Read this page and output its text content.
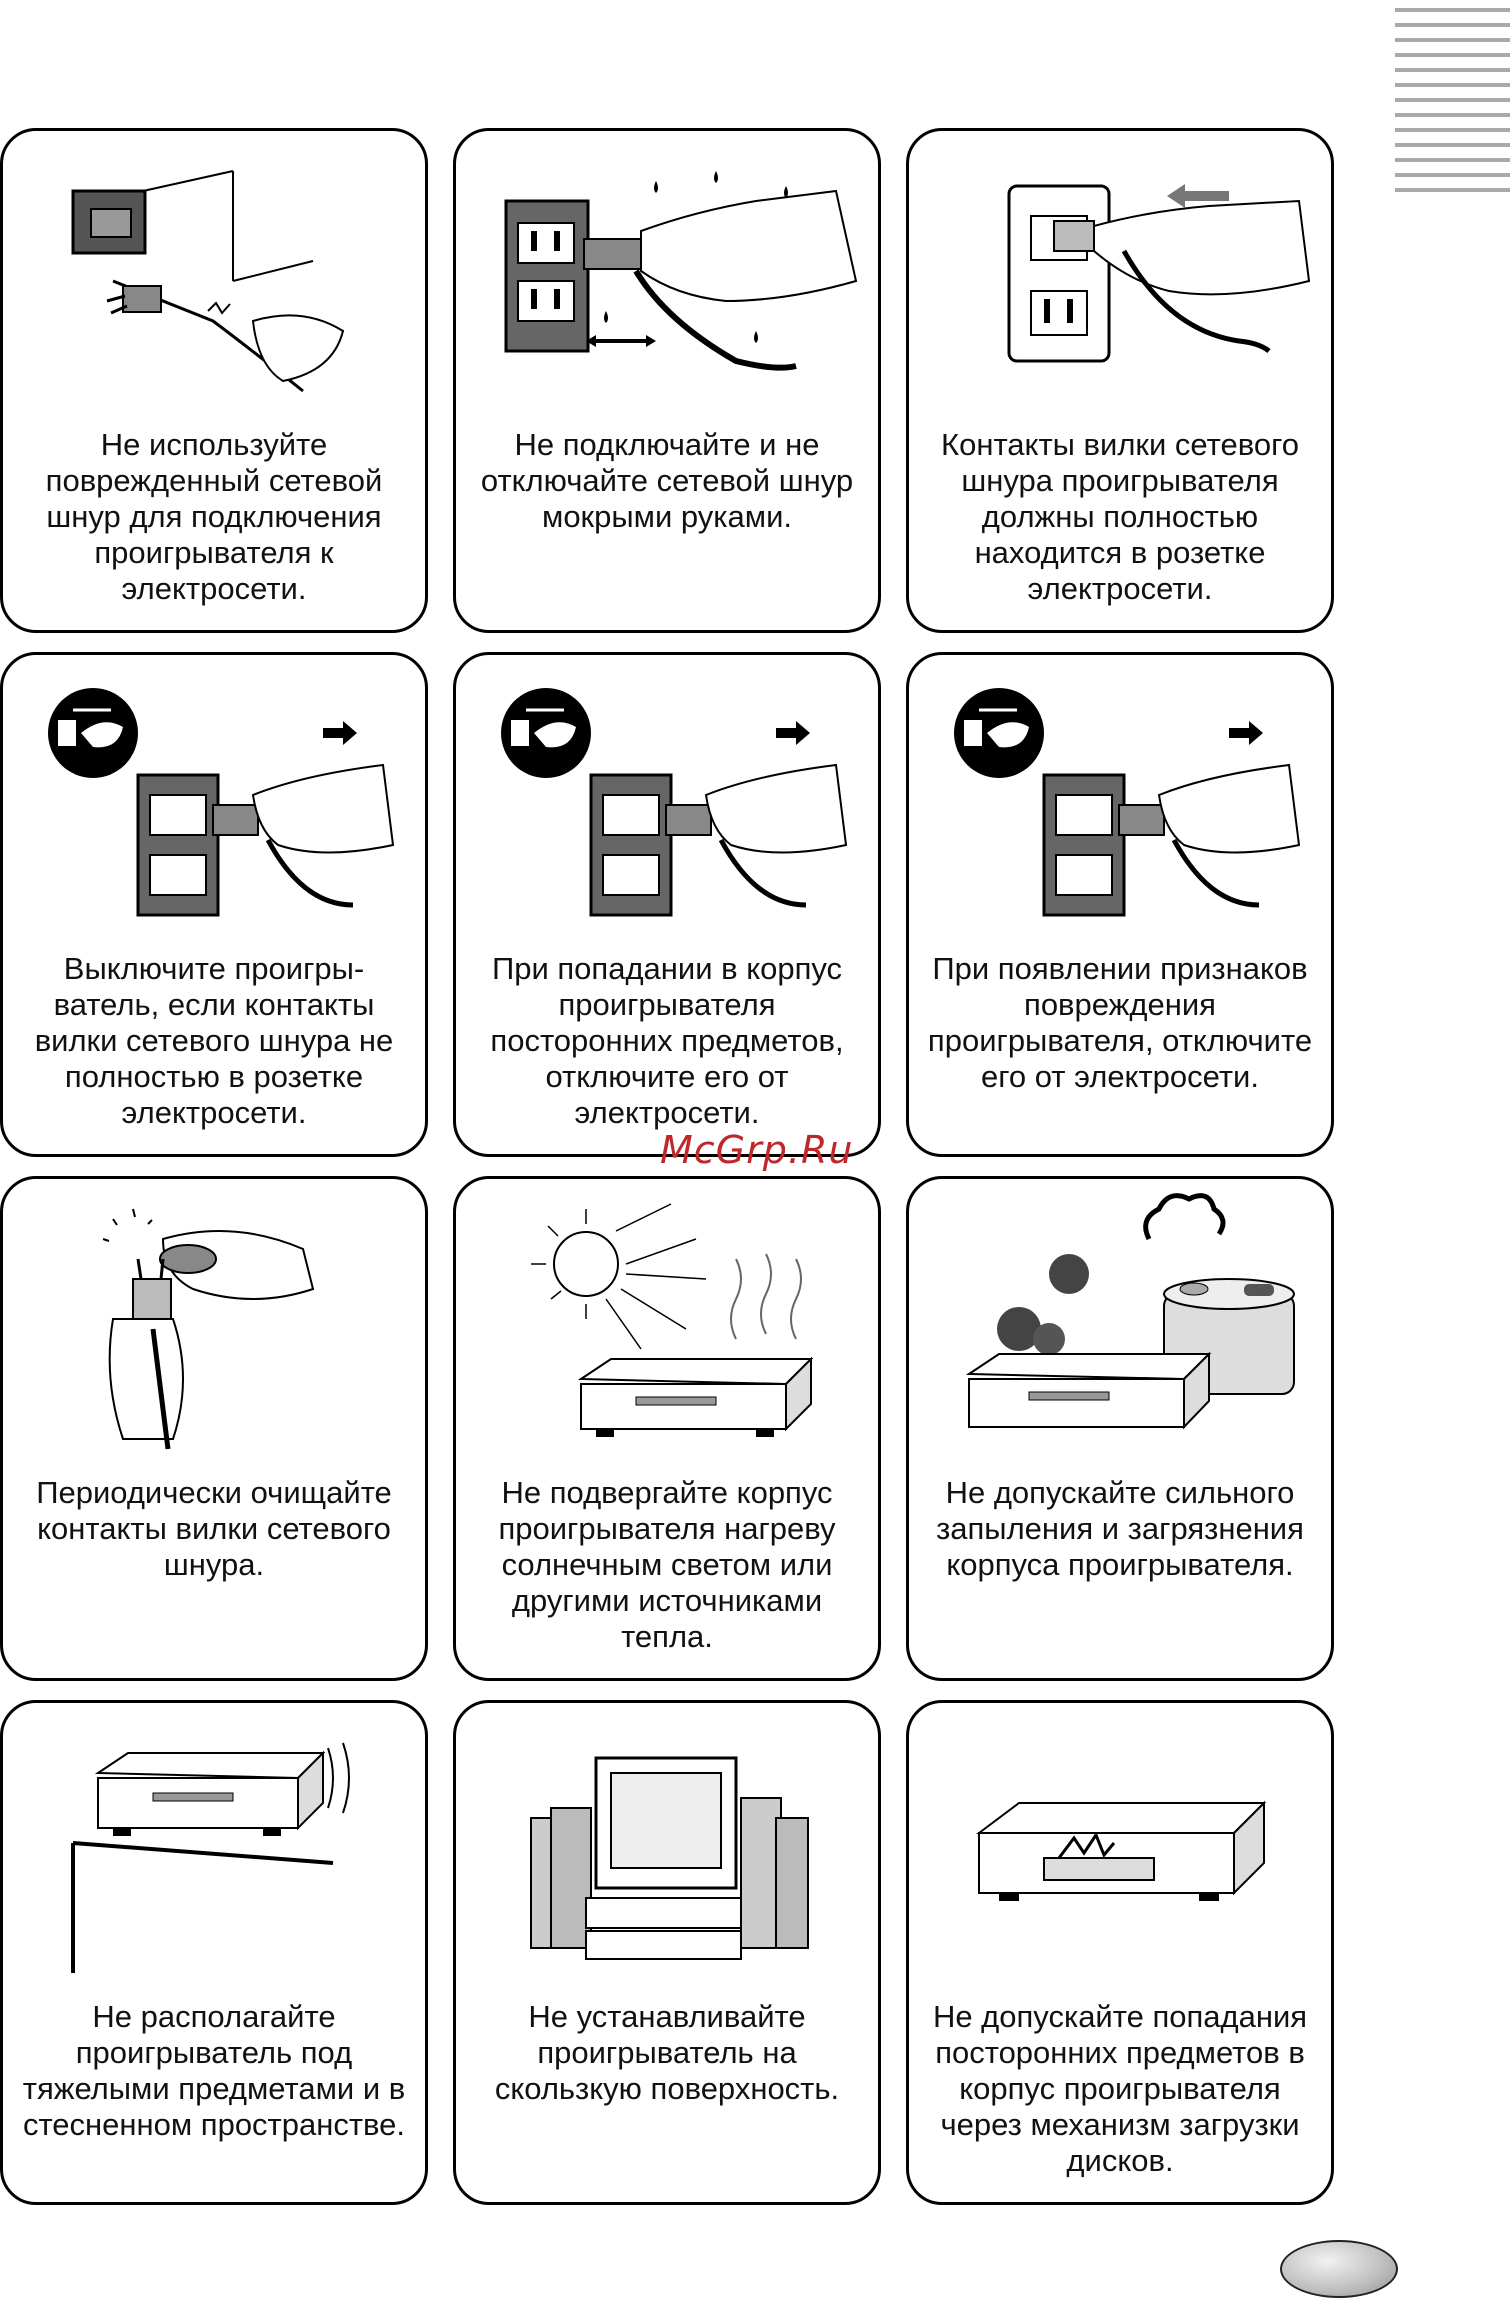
Не используйте
поврежденный сетевой
шнур для подключения
проигрывателя к
электросети.
Не подключайте и не
отключайте сетевой шнур
мокрыми руками.
Контакты вилки сетевого
шнура проигрывателя
должны полностью
находится в розетке
электросети.
Выключите проигры-
ватель, если контакты
вилки сетевого шнура не
полностью в розетке
электросети.
При попадании в корпус
проигрывателя
посторонних предметов,
отключите его от
электросети.
При появлении признаков
повреждения
проигрывателя, отключите
его от электросети.
Периодически очищайте
контакты вилки сетевого
шнура.
Не подвергайте корпус
проигрывателя нагреву
солнечным светом или
другими источниками
тепла.
Не допускайте сильного
запыления и загрязнения
корпуса проигрывателя.
Не располагайте
проигрыватель под
тяжелыми предметами и в
стесненном пространстве.
Не устанавливайте
проигрыватель на
скользкую поверхность.
Не допускайте попадания
посторонних предметов в
корпус проигрывателя
через механизм загрузки
дисков.
McGrp.Ru
